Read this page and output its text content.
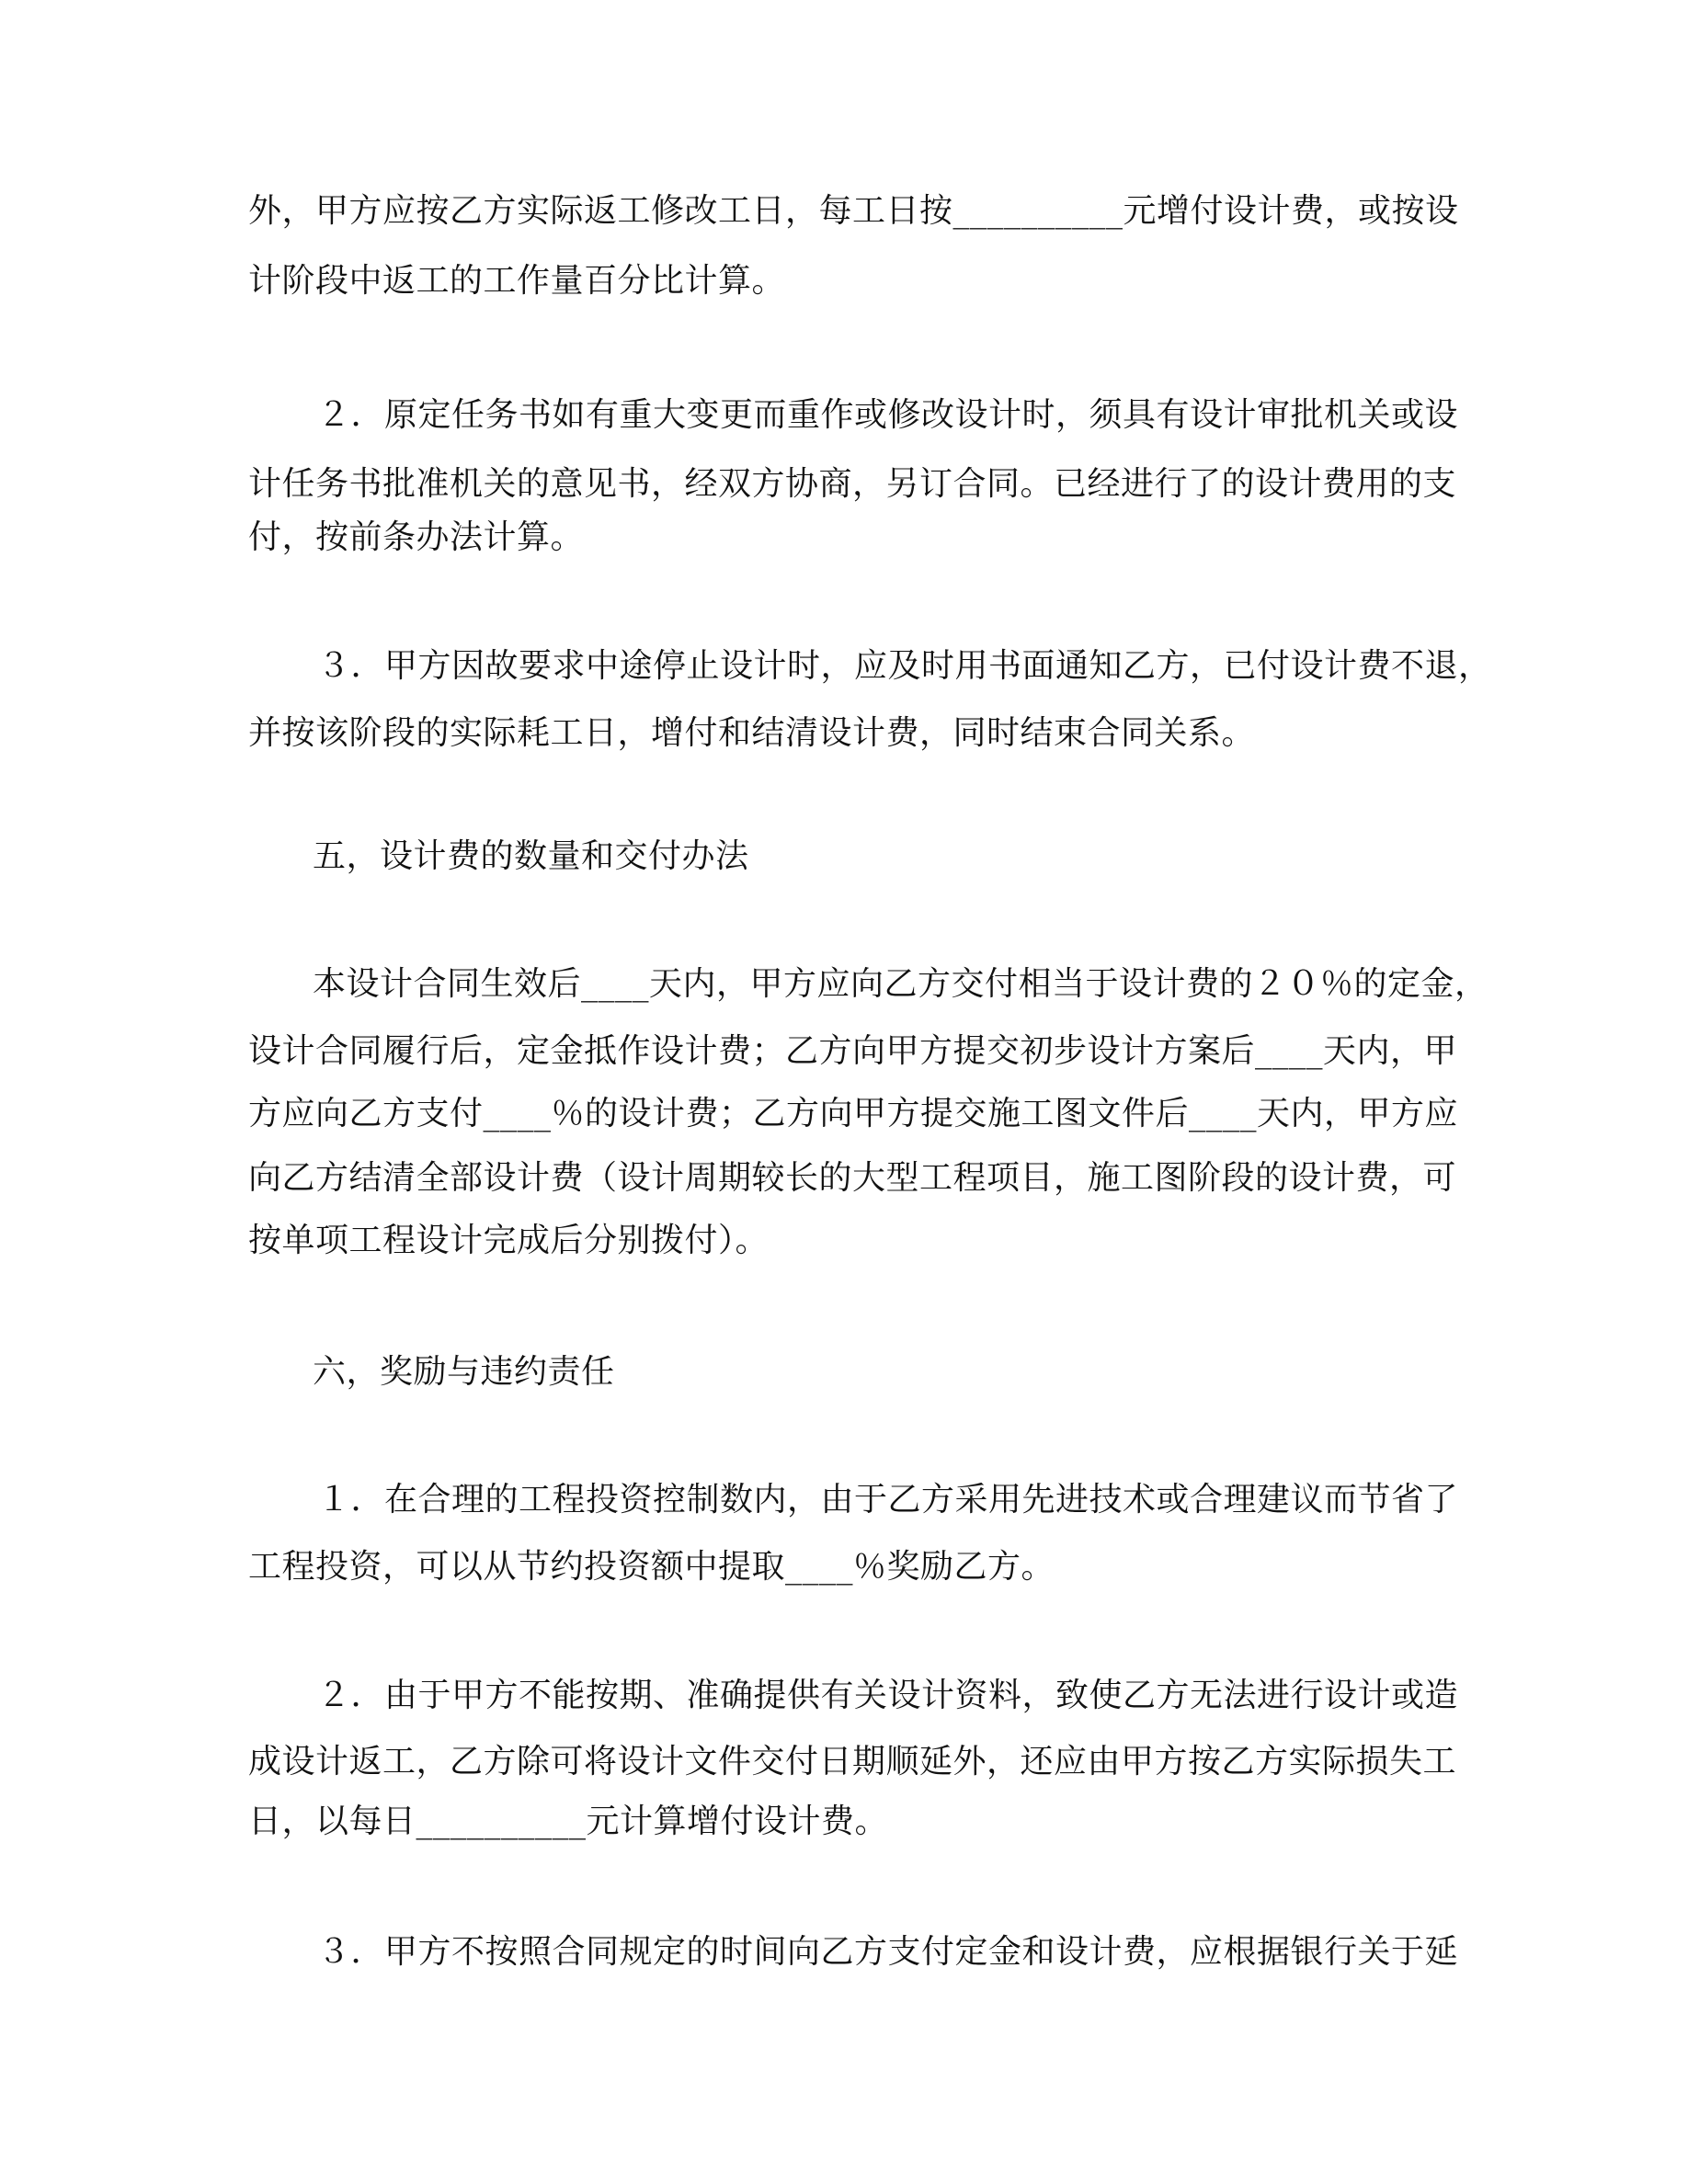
外，甲方应按乙方实际返工修改工日，每工日按__________元增付设计费，或按设

计阶段中返工的工作量百分比计算。

２．原定任务书如有重大变更而重作或修改设计时，须具有设计审批机关或设

计任务书批准机关的意见书，经双方协商，另订合同。已经进行了的设计费用的支

付，按前条办法计算。

３．甲方因故要求中途停止设计时，应及时用书面通知乙方，已付设计费不退，

并按该阶段的实际耗工日，增付和结清设计费，同时结束合同关系。

五，设计费的数量和交付办法

本设计合同生效后____天内，甲方应向乙方交付相当于设计费的２０％的定金，

设计合同履行后，定金抵作设计费；乙方向甲方提交初步设计方案后____天内，甲

方应向乙方支付____％的设计费；乙方向甲方提交施工图文件后____天内，甲方应

向乙方结清全部设计费（设计周期较长的大型工程项目，施工图阶段的设计费，可

按单项工程设计完成后分别拨付）。

六，奖励与违约责任

１．在合理的工程投资控制数内，由于乙方采用先进技术或合理建议而节省了

工程投资，可以从节约投资额中提取____％奖励乙方。

２．由于甲方不能按期、准确提供有关设计资料，致使乙方无法进行设计或造

成设计返工，乙方除可将设计文件交付日期顺延外，还应由甲方按乙方实际损失工

日，以每日__________元计算增付设计费。

３．甲方不按照合同规定的时间向乙方支付定金和设计费，应根据银行关于延
